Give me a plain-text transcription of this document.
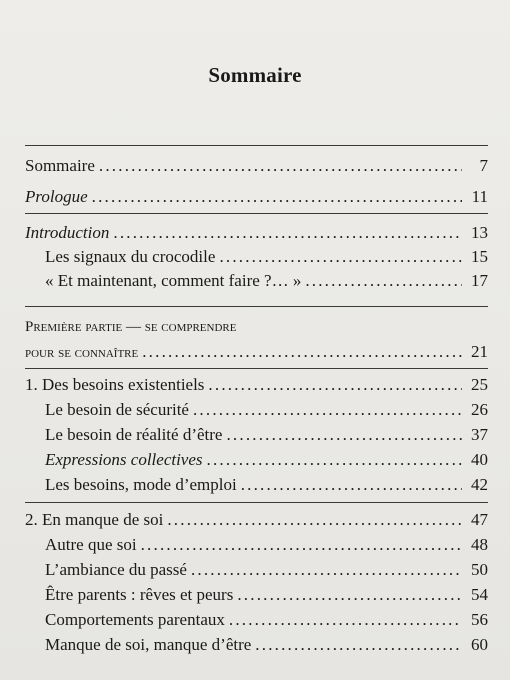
Sommaire
Sommaire .....	7
Prologue .....	11
Introduction .....	13
Les signaux du crocodile .....	15
« Et maintenant, comment faire ?… » .....	17
Première partie — se comprendre
pour se connaître .....	21
1. Des besoins existentiels .....	25
Le besoin de sécurité .....	26
Le besoin de réalité d’être .....	37
Expressions collectives .....	40
Les besoins, mode d’emploi .....	42
2. En manque de soi .....	47
Autre que soi .....	48
L’ambiance du passé .....	50
Être parents : rêves et peurs .....	54
Comportements parentaux .....	56
Manque de soi, manque d’être .....	60
